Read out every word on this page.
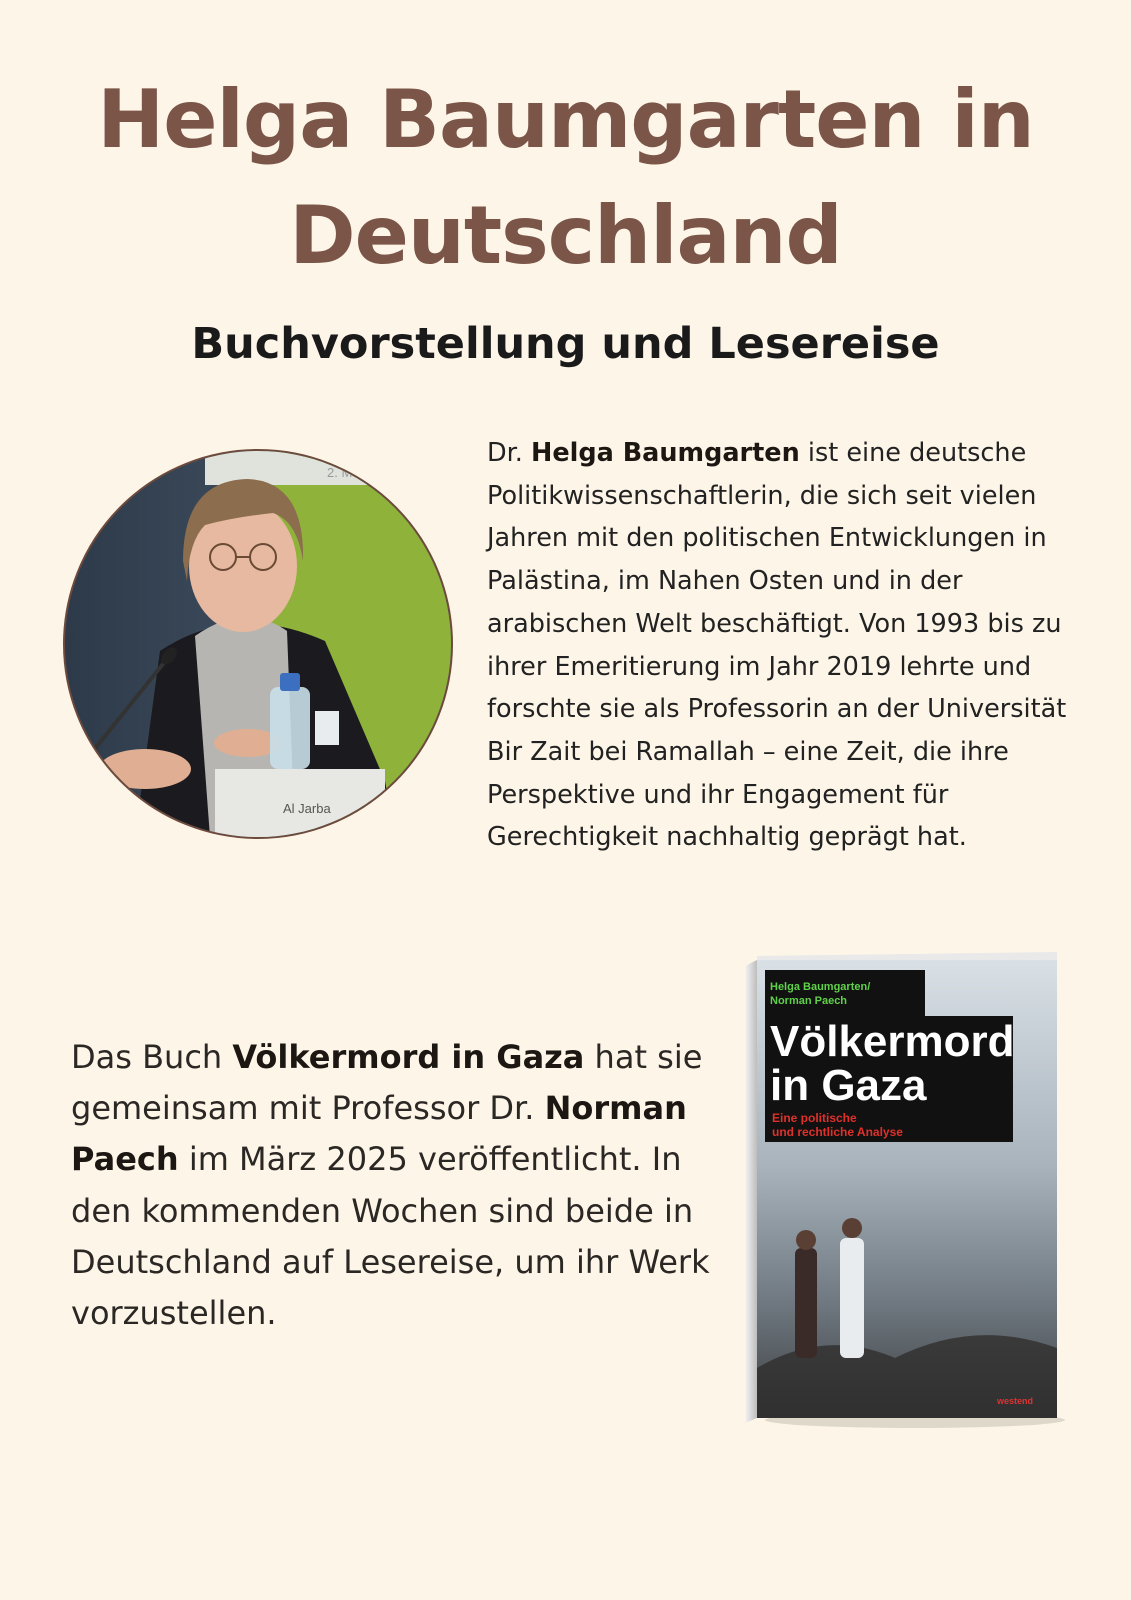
Helga Baumgarten in
Deutschland
Buchvorstellung und Lesereise
2. März 2023
Al Jarba

Dr. Helga Baumgarten ist eine deutsche Politikwissenschaftlerin, die sich seit vielen Jahren mit den politischen Entwicklungen in Palästina, im Nahen Osten und in der arabischen Welt beschäftigt. Von 1993 bis zu ihrer Emeritierung im Jahr 2019 lehrte und forschte sie als Professorin an der Universität Bir Zait bei Ramallah – eine Zeit, die ihre Perspektive und ihr Engagement für Gerechtigkeit nachhaltig geprägt hat.

Das Buch Völkermord in Gaza hat sie gemeinsam mit Professor Dr. Norman Paech im März 2025 veröffentlicht. In den kommenden Wochen sind beide in Deutschland auf Lesereise, um ihr Werk vorzustellen.

Helga Baumgarten/
Norman Paech
Völkermord
in Gaza
Eine politische
und rechtliche Analyse
westend
